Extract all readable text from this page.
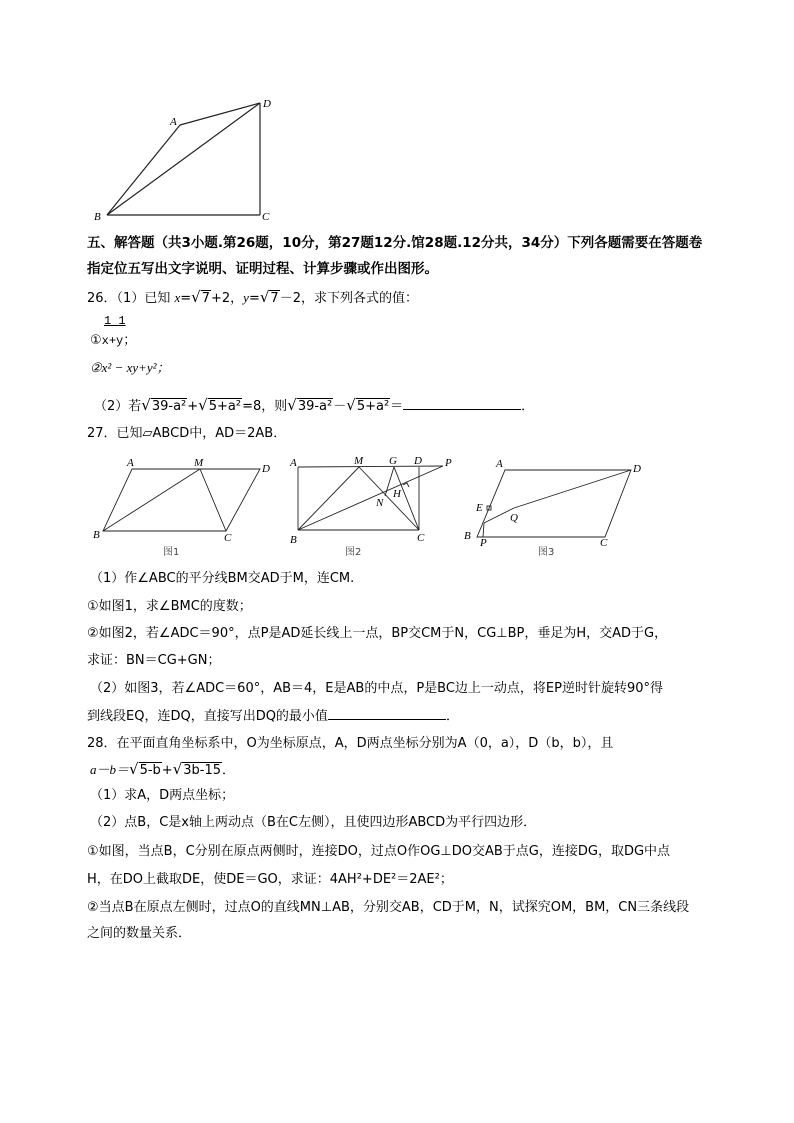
A
D
B	C
A	M	D
B	C
图1
A	M G D P
N
H
B	C
图2
A	D
E
Q
B
P	C
图3
五、解答题（共3小题.第26题，10分，第27题12分.馆28题.12分共，34分）下列各题需要在答题卷
指定位五写出文字说明、证明过程、计算步骤或作出图形。
26．（1）已知 x=√7+2，y=√7－2，求下列各式的值：
1 1
①x+y；
②x² − xy+y²；
（2）若√39-a²+√5+a²=8，则√39-a²－√5+a²＝	．
27．已知▱ABCD中，AD＝2AB．
（1）作∠ABC的平分线BM交AD于M，连CM.
①如图1，求∠BMC的度数；
②如图2，若∠ADC＝90°，点P是AD延长线上一点，BP交CM于N，CG⊥BP，垂足为H，交AD于G，
求证：BN＝CG+GN；
（2）如图3，若∠ADC＝60°，AB＝4，E是AB的中点，P是BC边上一动点，将EP逆时针旋转90°得
到线段EQ，连DQ，直接写出DQ的最小值	．
28．在平面直角坐标系中，O为坐标原点，A，D两点坐标分别为A（0，a），D（b，b），且
a－b＝√5-b+√3b-15．
（1）求A，D两点坐标；
（2）点B，C是x轴上两动点（B在C左侧），且使四边形ABCD为平行四边形．
①如图，当点B，C分别在原点两侧时，连接DO，过点O作OG⊥DO交AB于点G，连接DG，取DG中点
H，在DO上截取DE，使DE＝GO，求证：4AH²+DE²＝2AE²；
②当点B在原点左侧时，过点O的直线MN⊥AB，分别交AB，CD于M，N，试探究OM，BM，CN三条线段
之间的数量关系．
